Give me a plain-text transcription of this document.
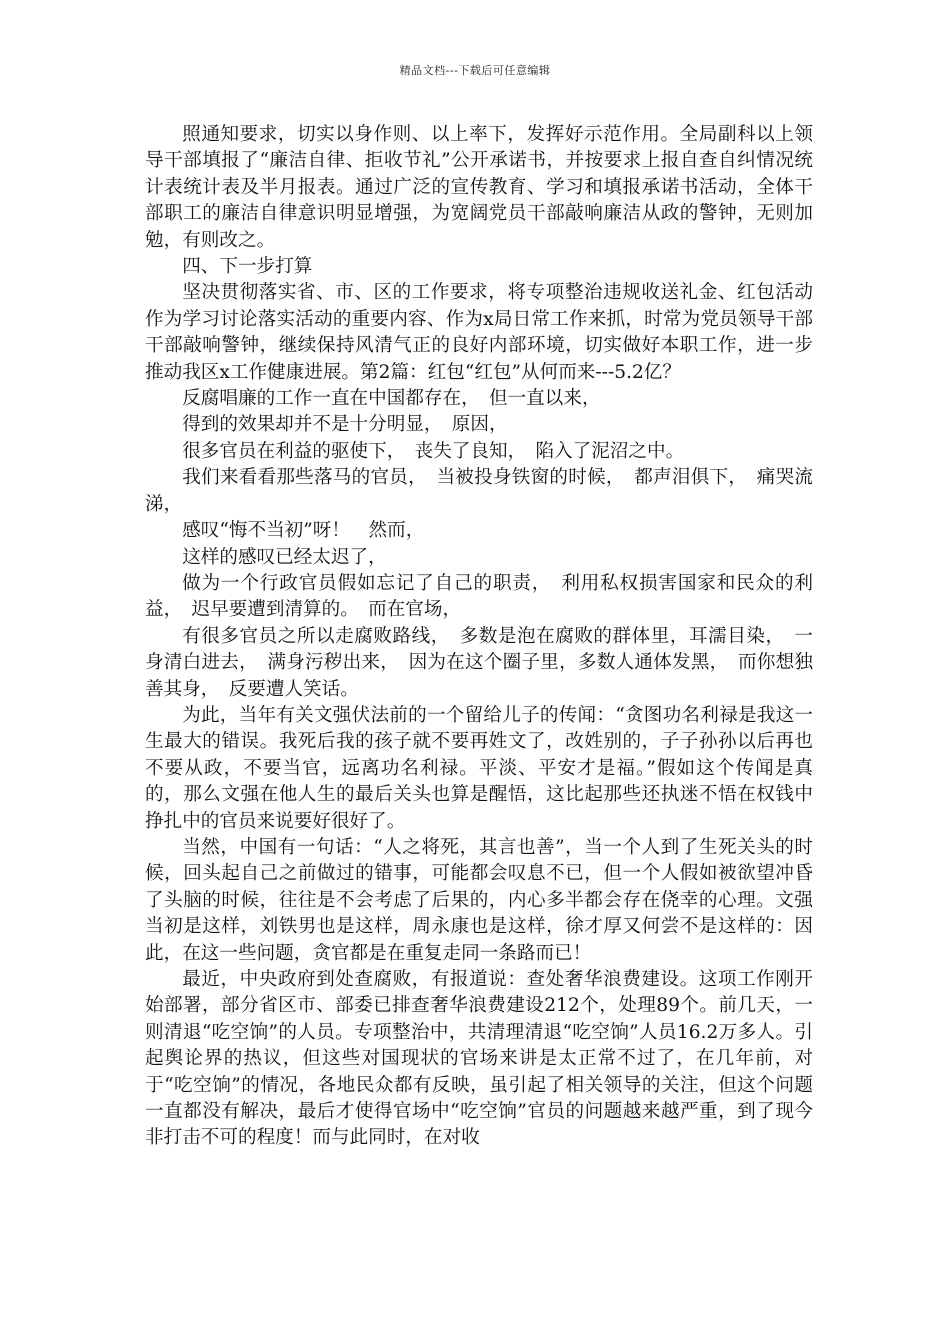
精品文档---下载后可任意编辑

照通知要求，切实以身作则、以上率下，发挥好示范作用。全局副科以上领导干部填报了“廉洁自律、拒收节礼”公开承诺书，并按要求上报自查自纠情况统计表统计表及半月报表。通过广泛的宣传教育、学习和填报承诺书活动，全体干部职工的廉洁自律意识明显增强，为宽阔党员干部敲响廉洁从政的警钟，无则加勉，有则改之。

四、下一步打算

坚决贯彻落实省、市、区的工作要求，将专项整治违规收送礼金、红包活动作为学习讨论落实活动的重要内容、作为x局日常工作来抓，时常为党员领导干部干部敲响警钟，继续保持风清气正的良好内部环境，切实做好本职工作，进一步推动我区x工作健康进展。第2篇：红包“红包”从何而来---5.2亿？

反腐唱廉的工作一直在中国都存在，　但一直以来，

得到的效果却并不是十分明显，　原因，

很多官员在利益的驱使下，　丧失了良知，　陷入了泥沼之中。

我们来看看那些落马的官员，　当被投身铁窗的时候，　都声泪俱下，　痛哭流涕，

感叹“悔不当初”呀！　然而，

这样的感叹已经太迟了，

做为一个行政官员假如忘记了自己的职责，　利用私权损害国家和民众的利益，　迟早要遭到清算的。　而在官场，

有很多官员之所以走腐败路线，　多数是泡在腐败的群体里，耳濡目染，　一身清白进去，　满身污秽出来，　因为在这个圈子里，多数人通体发黑，　而你想独善其身，　反要遭人笑话。

为此，当年有关文强伏法前的一个留给儿子的传闻：“贪图功名利禄是我这一生最大的错误。我死后我的孩子就不要再姓文了，改姓别的，子子孙孙以后再也不要从政，不要当官，远离功名利禄。平淡、平安才是福。”假如这个传闻是真的，那么文强在他人生的最后关头也算是醒悟，这比起那些还执迷不悟在权钱中挣扎中的官员来说要好很好了。

当然，中国有一句话：“人之将死，其言也善”，当一个人到了生死关头的时候，回头起自己之前做过的错事，可能都会叹息不已，但一个人假如被欲望冲昏了头脑的时候，往往是不会考虑了后果的，内心多半都会存在侥幸的心理。文强当初是这样，刘铁男也是这样，周永康也是这样，徐才厚又何尝不是这样的：因此，在这一些问题，贪官都是在重复走同一条路而已！

最近，中央政府到处查腐败，有报道说：查处奢华浪费建设。这项工作刚开始部署，部分省区市、部委已排查奢华浪费建设212个，处理89个。前几天，一则清退“吃空饷”的人员。专项整治中，共清理清退“吃空饷”人员16.2万多人。引起舆论界的热议，但这些对国现状的官场来讲是太正常不过了，在几年前，对于“吃空饷”的情况，各地民众都有反映，虽引起了相关领导的关注，但这个问题一直都没有解决，最后才使得官场中“吃空饷”官员的问题越来越严重，到了现今非打击不可的程度！而与此同时，在对收
